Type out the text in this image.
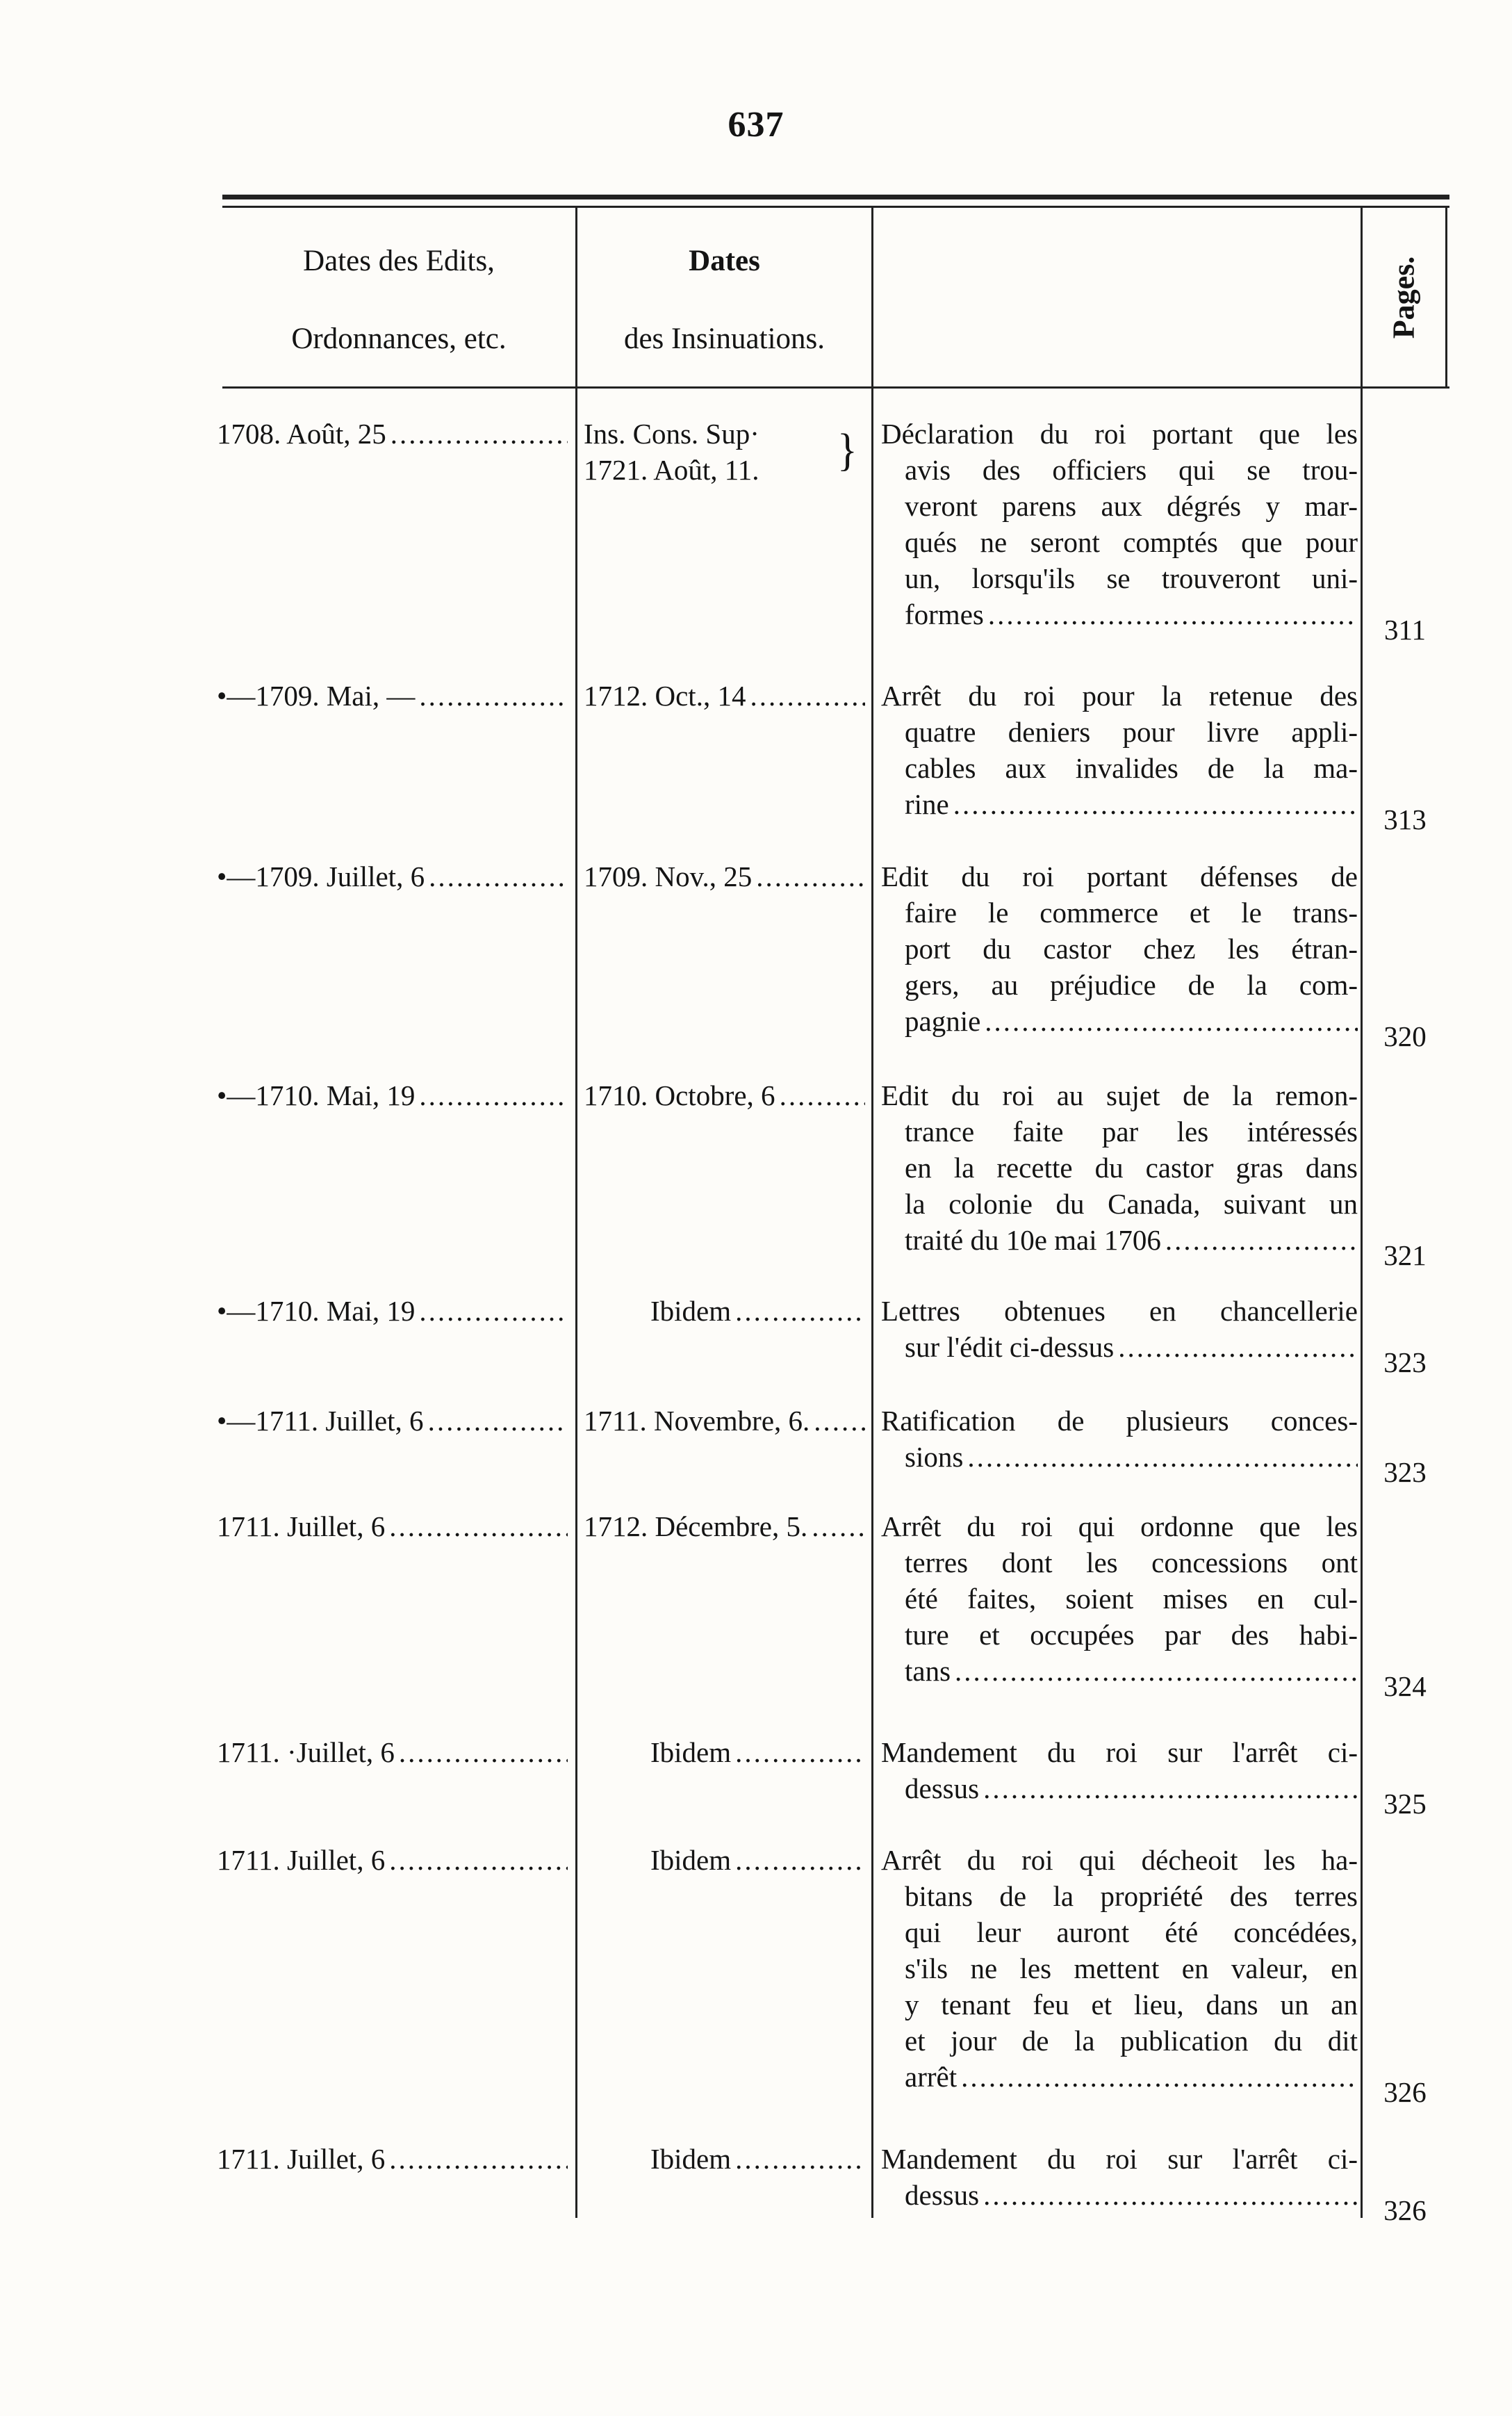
637
Dates des Edits,
Ordonnances, etc.
Dates
des Insinuations.
Pages.
1708. Août, 25 .....	Ins. Cons. Sup·
1721. Août, 11.
Déclaration du roi portant que les
avis des officiers qui se trou-
veront parens aux dégrés y mar-
qués ne seront comptés que pour
un, lorsqu'ils se trouveront uni-
formes .....	311
•—1709. Mai, — .....	1712. Oct., 14 .....	Arrêt du roi pour la retenue des
quatre deniers pour livre appli-
cables aux invalides de la ma-
rine .....	313
•—1709. Juillet, 6 .....	1709. Nov., 25 .....	Edit du roi portant défenses de
faire le commerce et le trans-
port du castor chez les étran-
gers, au préjudice de la com-
pagnie .....	320
•—1710. Mai, 19 .....	1710. Octobre, 6 .....	Edit du roi au sujet de la remon-
trance faite par les intéressés
en la recette du castor gras dans
la colonie du Canada, suivant un
traité du 10e mai 1706 .....	321
•—1710. Mai, 19 .....	Ibidem .....	Lettres obtenues en chancellerie
sur l'édit ci-dessus .....	323
•—1711. Juillet, 6 .....	1711. Novembre, 6. .....	Ratification de plusieurs conces-
sions .....	323
1711. Juillet, 6 .....	1712. Décembre, 5. .....	Arrêt du roi qui ordonne que les
terres dont les concessions ont
été faites, soient mises en cul-
ture et occupées par des habi-
tans .....	324
1711. ·Juillet, 6 .....	Ibidem .....	Mandement du roi sur l'arrêt ci-
dessus .....	325
1711. Juillet, 6 .....	Ibidem .....	Arrêt du roi qui décheoit les ha-
bitans de la propriété des terres
qui leur auront été concédées,
s'ils ne les mettent en valeur, en
y tenant feu et lieu, dans un an
et jour de la publication du dit
arrêt .....	326
1711. Juillet, 6 .....	Ibidem .....	Mandement du roi sur l'arrêt ci-
dessus .....	326
}
